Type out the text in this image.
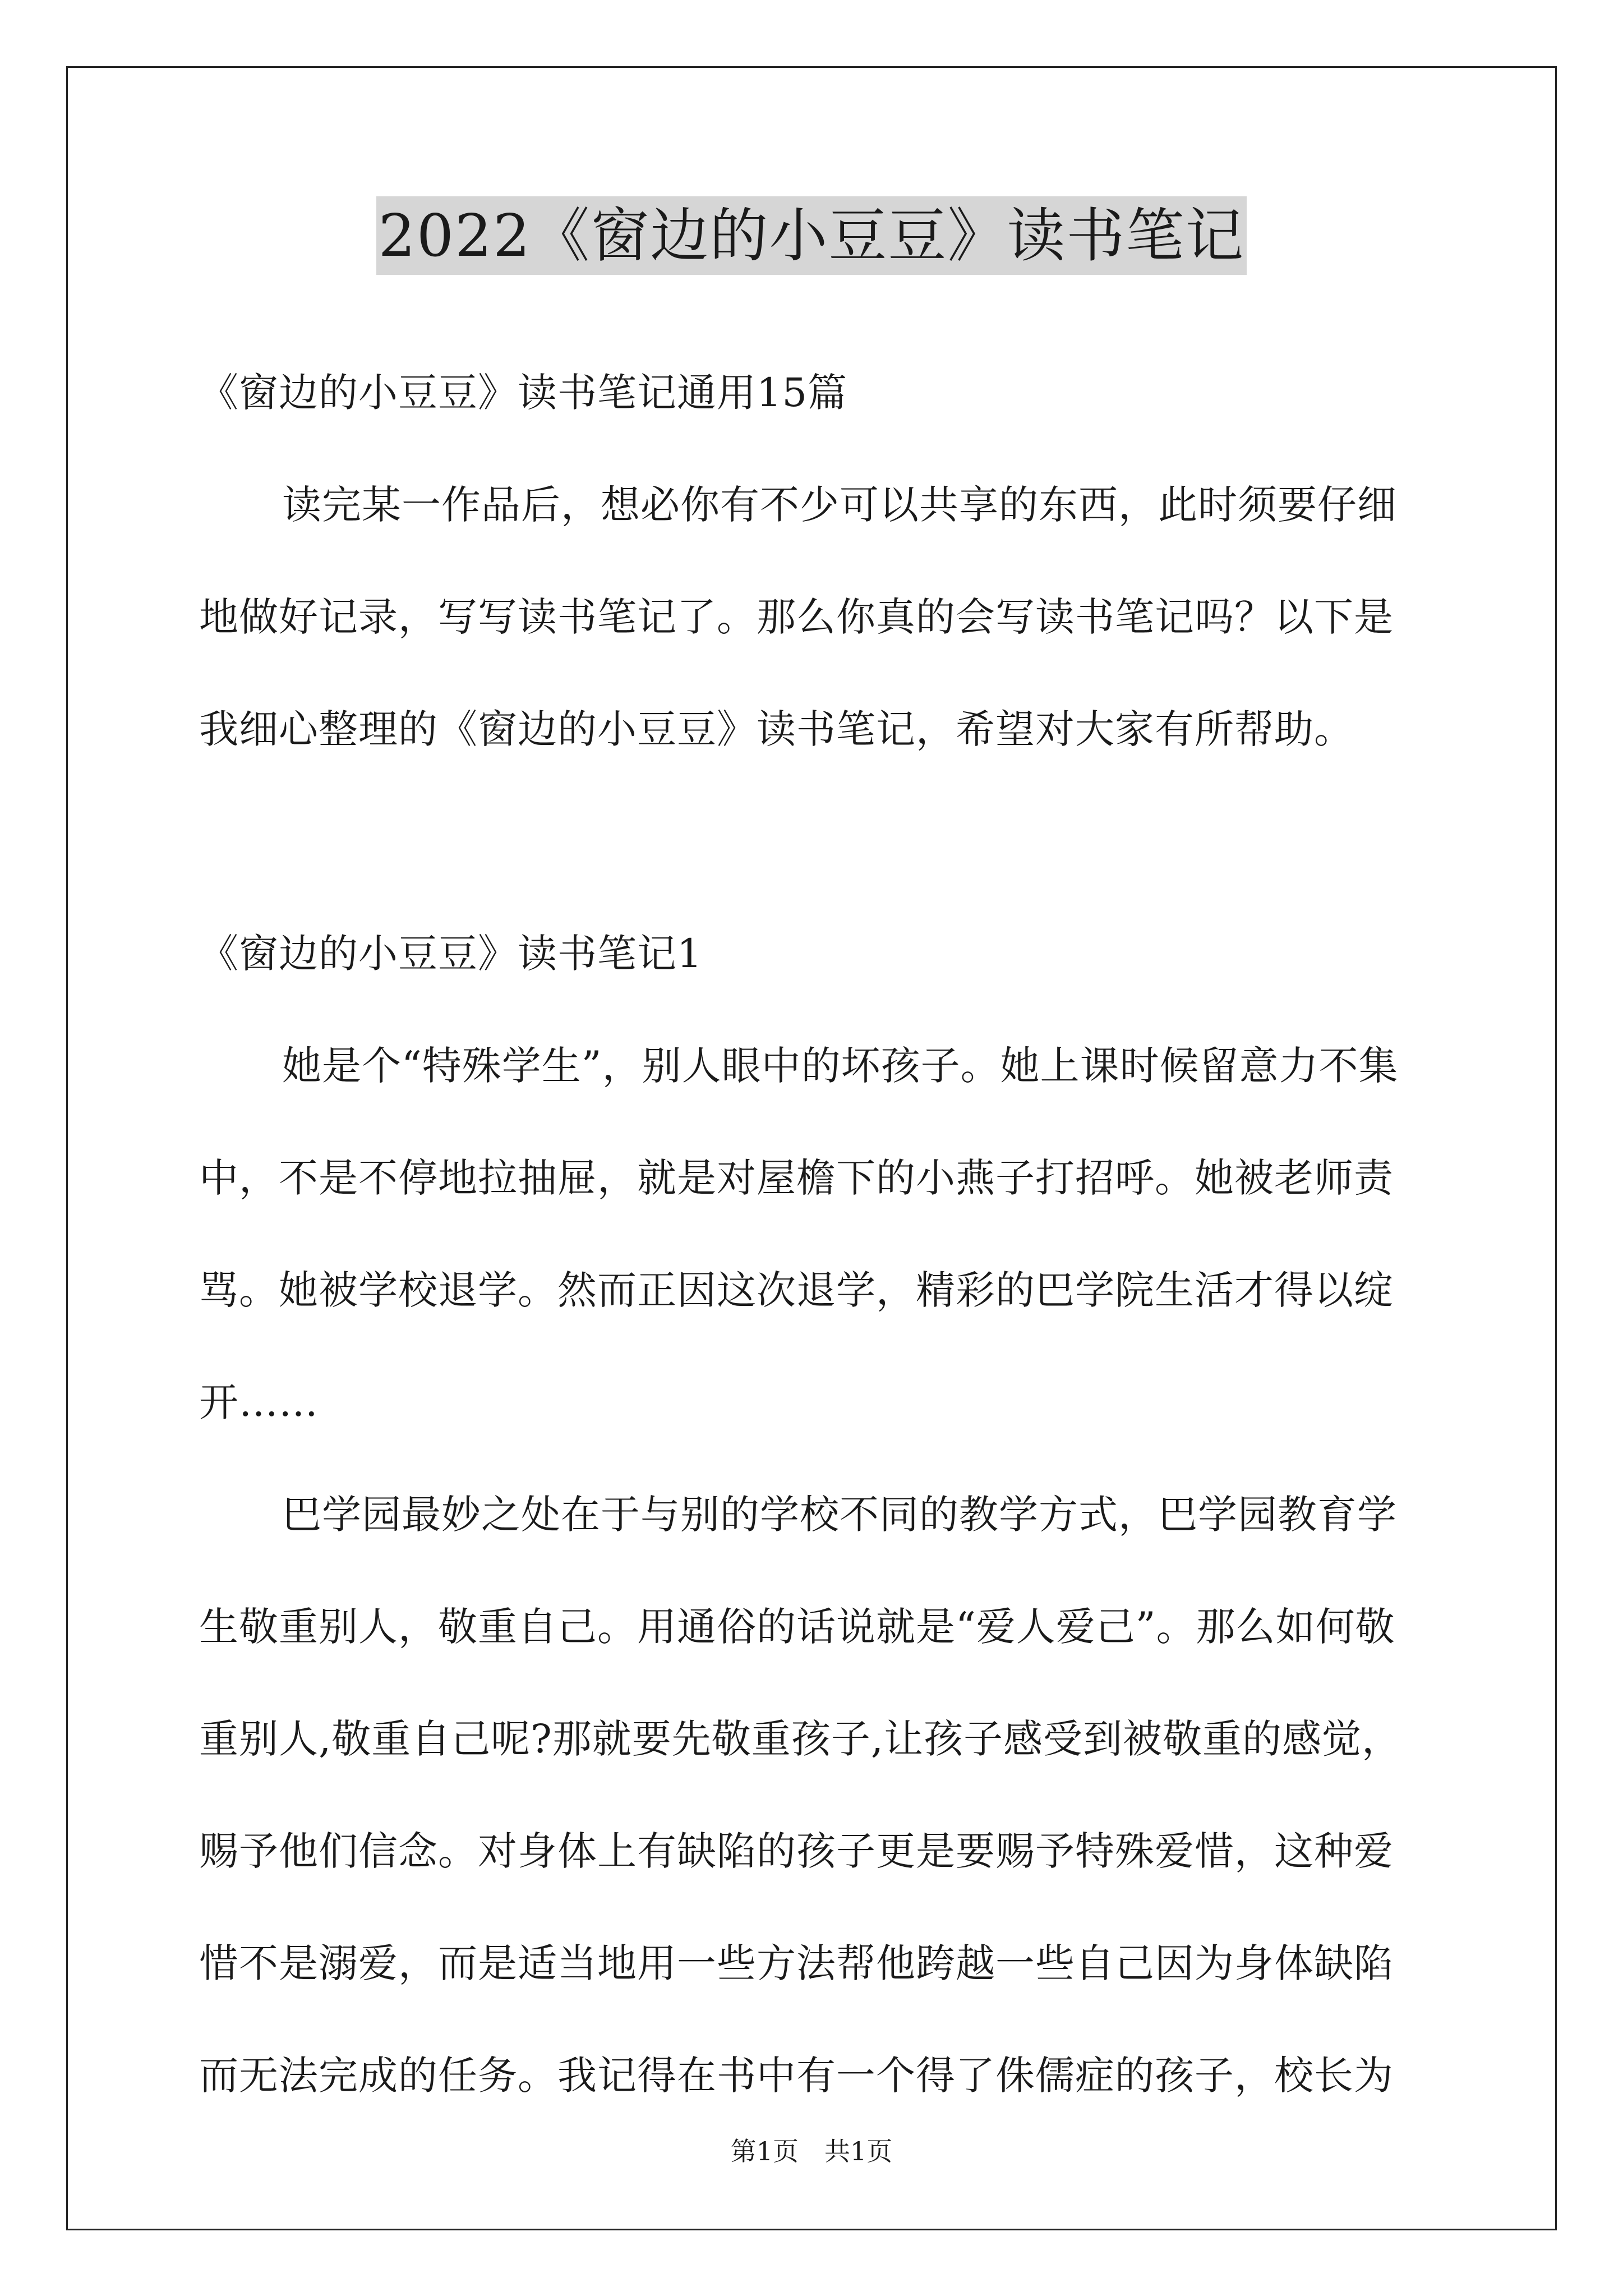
2022《窗边的小豆豆》读书笔记
《窗边的小豆豆》读书笔记通用15篇
读完某一作品后，想必你有不少可以共享的东西，此时须要仔细
地做好记录，写写读书笔记了。那么你真的会写读书笔记吗？以下是
我细心整理的《窗边的小豆豆》读书笔记，希望对大家有所帮助。
《窗边的小豆豆》读书笔记1
她是个“特殊学生”，别人眼中的坏孩子。她上课时候留意力不集
中，不是不停地拉抽屉，就是对屋檐下的小燕子打招呼。她被老师责
骂。她被学校退学。然而正因这次退学，精彩的巴学院生活才得以绽
开……
巴学园最妙之处在于与别的学校不同的教学方式，巴学园教育学
生敬重别人，敬重自己。用通俗的话说就是“爱人爱己”。那么如何敬
重别人,敬重自己呢?那就要先敬重孩子,让孩子感受到被敬重的感觉，
赐予他们信念。对身体上有缺陷的孩子更是要赐予特殊爱惜，这种爱
惜不是溺爱，而是适当地用一些方法帮他跨越一些自己因为身体缺陷
而无法完成的任务。我记得在书中有一个得了侏儒症的孩子，校长为
第1页　共1页
